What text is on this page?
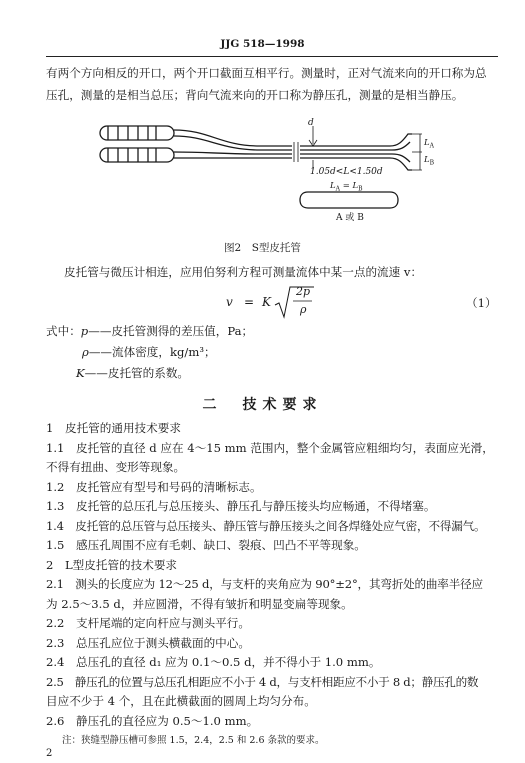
JJG 518—1998
有两个方向相反的开口，两个开口截面互相平行。测量时，正对气流来向的开口称为总
压孔，测量的是相当总压；背向气流来向的开口称为静压孔，测量的是相当静压。
d
$L_A$
$L_B$
1.05d<L<1.50d
$L_A = L_B$
A 或 B
图2　S型皮托管
皮托管与微压计相连，应用伯努利方程可测量流体中某一点的流速 v：
v = K
2p
ρ	（1）
式中：p——皮托管测得的差压值，Pa；
ρ——流体密度，kg/m³；
K——皮托管的系数。
二　技术要求
1　皮托管的通用技术要求
1.1　皮托管的直径 d 应在 4～15 mm 范围内，整个金属管应粗细均匀，表面应光滑，
不得有扭曲、变形等现象。
1.2　皮托管应有型号和号码的清晰标志。
1.3　皮托管的总压孔与总压接头、静压孔与静压接头均应畅通，不得堵塞。
1.4　皮托管的总压管与总压接头、静压管与静压接头之间各焊缝处应气密，不得漏气。
1.5　感压孔周围不应有毛刺、缺口、裂痕、凹凸不平等现象。
2　L型皮托管的技术要求
2.1　测头的长度应为 12～25 d，与支杆的夹角应为 90°±2°，其弯折处的曲率半径应
为 2.5～3.5 d，并应圆滑，不得有皱折和明显变扁等现象。
2.2　支杆尾端的定向杆应与测头平行。
2.3　总压孔应位于测头横截面的中心。
2.4　总压孔的直径 d₁ 应为 0.1～0.5 d，并不得小于 1.0 mm。
2.5　静压孔的位置与总压孔相距应不小于 4 d，与支杆相距应不小于 8 d；静压孔的数
目应不少于 4 个，且在此横截面的圆周上均匀分布。
2.6　静压孔的直径应为 0.5～1.0 mm。
注：狭缝型静压槽可参照 1.5，2.4，2.5 和 2.6 条款的要求。
2
